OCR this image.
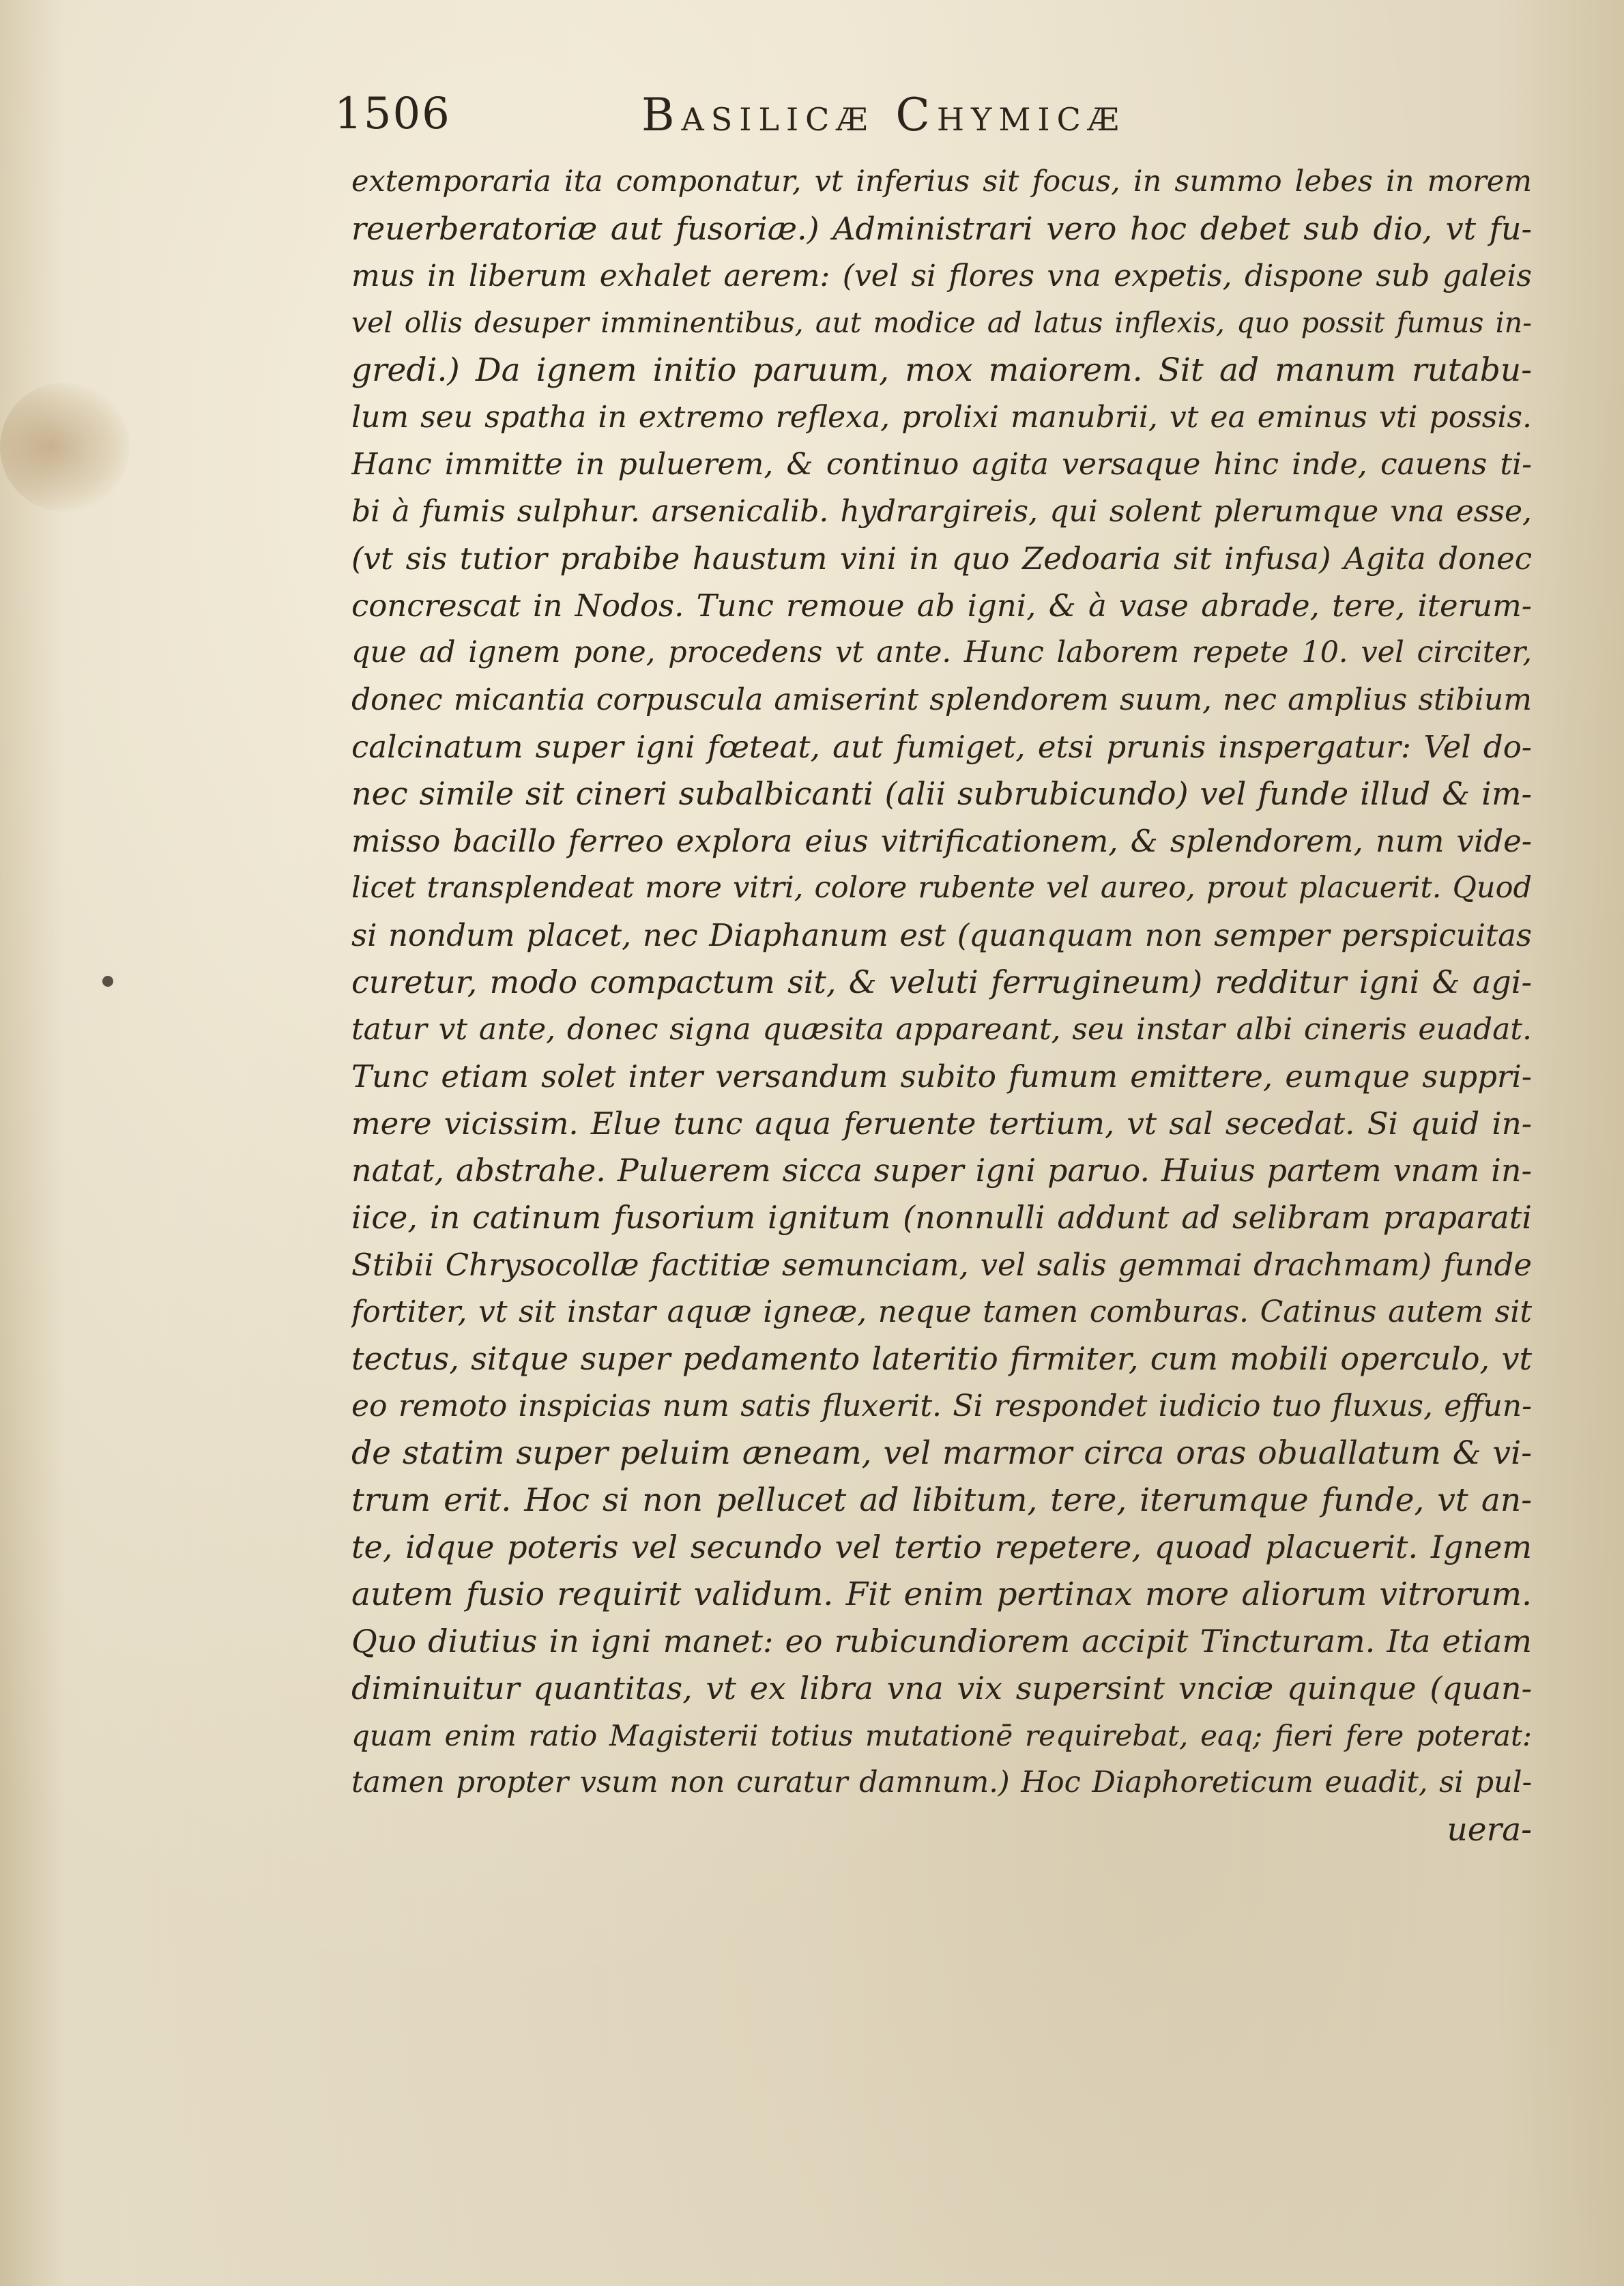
1506	Basilicæ Chymicæ
extemporaria ita componatur, vt inferius sit focus, in summo lebes in morem
reuerberatoriæ aut fusoriæ.) Administrari vero hoc debet sub dio, vt fu-
mus in liberum exhalet aerem: (vel si flores vna expetis, dispone sub galeis
vel ollis desuper imminentibus, aut modice ad latus inflexis, quo possit fumus in-
gredi.) Da ignem initio paruum, mox maiorem. Sit ad manum rutabu-
lum seu spatha in extremo reflexa, prolixi manubrii, vt ea eminus vti possis.
Hanc immitte in puluerem, & continuo agita versaque hinc inde, cauens ti-
bi à fumis sulphur. arsenicalib. hydrargireis, qui solent plerumque vna esse,
(vt sis tutior prabibe haustum vini in quo Zedoaria sit infusa) Agita donec
concrescat in Nodos. Tunc remoue ab igni, & à vase abrade, tere, iterum-
que ad ignem pone, procedens vt ante. Hunc laborem repete 10. vel circiter,
donec micantia corpuscula amiserint splendorem suum, nec amplius stibium
calcinatum super igni fœteat, aut fumiget, etsi prunis inspergatur: Vel do-
nec simile sit cineri subalbicanti (alii subrubicundo) vel funde illud & im-
misso bacillo ferreo explora eius vitrificationem, & splendorem, num vide-
licet transplendeat more vitri, colore rubente vel aureo, prout placuerit. Quod
si nondum placet, nec Diaphanum est (quanquam non semper perspicuitas
curetur, modo compactum sit, & veluti ferrugineum) redditur igni & agi-
tatur vt ante, donec signa quæsita appareant, seu instar albi cineris euadat.
Tunc etiam solet inter versandum subito fumum emittere, eumque suppri-
mere vicissim. Elue tunc aqua feruente tertium, vt sal secedat. Si quid in-
natat, abstrahe. Puluerem sicca super igni paruo. Huius partem vnam in-
iice, in catinum fusorium ignitum (nonnulli addunt ad selibram praparati
Stibii Chrysocollæ factitiæ semunciam, vel salis gemmai drachmam) funde
fortiter, vt sit instar aquæ igneæ, neque tamen comburas. Catinus autem sit
tectus, sitque super pedamento lateritio firmiter, cum mobili operculo, vt
eo remoto inspicias num satis fluxerit. Si respondet iudicio tuo fluxus, effun-
de statim super peluim æneam, vel marmor circa oras obuallatum & vi-
trum erit. Hoc si non pellucet ad libitum, tere, iterumque funde, vt an-
te, idque poteris vel secundo vel tertio repetere, quoad placuerit. Ignem
autem fusio requirit validum. Fit enim pertinax more aliorum vitrorum.
Quo diutius in igni manet: eo rubicundiorem accipit Tincturam. Ita etiam
diminuitur quantitas, vt ex libra vna vix supersint vnciæ quinque (quan-
quam enim ratio Magisterii totius mutationē requirebat, eaq; fieri fere poterat:
tamen propter vsum non curatur damnum.) Hoc Diaphoreticum euadit, si pul-
uera-
